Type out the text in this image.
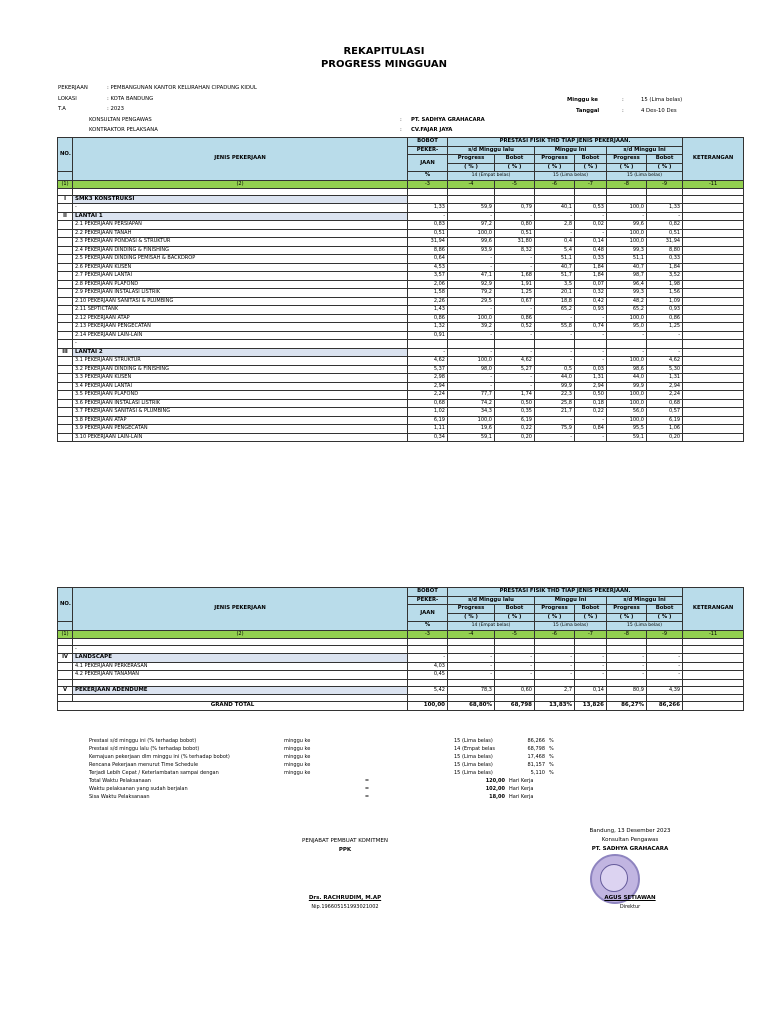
REKAPITULASI
PROGRESS MINGGUAN
PEKERJAAN	: PEMBANGUNAN KANTOR KELURAHAN CIPADUNG KIDUL
LOKASI	: KOTA BANDUNG
T.A	: 2023
KONSULTAN PENGAWAS	: PT. SADHYA GRAHACARA
KONTRAKTOR PELAKSANA	: CV.FAJAR JAYA
Minggu ke	:	15 (Lima belas)
Tanggal	:	4 Des-10 Des
NO.	JENIS PEKERJAAN	BOBOT	PRESTASI FISIK THD TIAP JENIS PEKERJAAN.						KETERANGAN
		PEKER-	s/d Minggu lalu		Minggu Ini		s/d Minggu Ini		
		JAAN	Progress	Bobot	Progress	Bobot	Progress	Bobot	
			( % )	( % )	( % )	( % )	( % )	( % )	
		%	14 (Empat belas)		15 (Lima belas)		15 (Lima belas)		
(1)	(2)	-3	-4	-5	-6	-7	-8	-9	-11

I	SMK3 KONSTRUKSI								
	-	1,33	59,9	0,79	40,1	0,53	100,0	1,33	
II	LANTAI 1	-	-	-	-	-	-	-	
	2.1 PEKERJAAN PERSIAPAN	0,83	97,2	0,80	2,8	0,02	99,6	0,82	
	2.2 PEKERJAAN TANAH	0,51	100,0	0,51	-	-	100,0	0,51	
	2.3 PEKERJAAN PONDASI & STRUKTUR	31,94	99,6	31,80	0,4	0,14	100,0	31,94	
	2.4 PEKERJAAN DINDING & FINISHING	8,86	93,9	8,32	5,4	0,48	99,3	8,80	
	2.5 PEKERJAAN DINDING PEMISAH & BACKDROP	0,64	-	-	51,1	0,33	51,1	0,33	
	2.6 PEKERJAAN KUSEN	4,53	-	-	40,7	1,84	40,7	1,84	
	2.7 PEKERJAAN LANTAI	3,57	47,1	1,68	51,7	1,84	98,7	3,52	
	2.8 PEKERJAAN PLAFOND	2,06	92,9	1,91	3,5	0,07	96,4	1,98	
	2.9 PEKERJAAN INSTALASI LISTRIK	1,58	79,2	1,25	20,1	0,32	99,3	1,56	
	2.10 PEKERJAAN SANITASI & PLUMBING	2,26	29,5	0,67	18,8	0,42	48,2	1,09	
	2.11 SEPTICTANK	1,43	-	-	65,2	0,93	65,2	0,93	
	2.12 PEKERJAAN ATAP	0,86	100,0	0,86	-	-	100,0	0,86	
	2.13 PEKERJAAN PENGECATAN	1,32	39,2	0,52	55,8	0,74	95,0	1,25	
	2.14 PEKERJAAN LAIN-LAIN	0,91	-	-	-	-	-	-	
	-								
III	LANTAI 2	-	-	-	-	-	-	-	
	3.1 PEKERJAAN STRUKTUR	4,62	100,0	4,62	-	-	100,0	4,62	
	3.2 PEKERJAAN DINDING & FINISHING	5,37	98,0	5,27	0,5	0,03	98,6	5,30	
	3.3 PEKERJAAN KUSEN	2,98	-	-	44,0	1,31	44,0	1,31	
	3.4 PEKERJAAN LANTAI	2,94	-	-	99,9	2,94	99,9	2,94	
	3.5 PEKERJAAN PLAFOND	2,24	77,7	1,74	22,3	0,50	100,0	2,24	
	3.6 PEKERJAAN INSTALASI LISTRIK	0,68	74,2	0,50	25,8	0,18	100,0	0,68	
	3.7 PEKERJAAN SANITASI & PLUMBING	1,02	34,3	0,35	21,7	0,22	56,0	0,57	
	3.8 PEKERJAAN ATAP	6,19	100,0	6,19	-	-	100,0	6,19	
	3.9 PEKERJAAN PENGECATAN	1,11	19,6	0,22	75,9	0,84	95,5	1,06	
	3.10 PEKERJAAN LAIN-LAIN	0,34	59,1	0,20	-	-	59,1	0,20	
NO.	JENIS PEKERJAAN	BOBOT	PRESTASI FISIK THD TIAP JENIS PEKERJAAN.						KETERANGAN
		PEKER-	s/d Minggu lalu		Minggu Ini		s/d Minggu Ini		
		JAAN	Progress	Bobot	Progress	Bobot	Progress	Bobot	
			( % )	( % )	( % )	( % )	( % )	( % )	
		%	14 (Empat belas)		15 (Lima belas)		15 (Lima belas)		
(1)	(2)	-3	-4	-5	-6	-7	-8	-9	-11

	-								
IV	LANDSCAPE	-	-	-	-	-	-	-	
	4.1 PEKERJAAN PERKERASAN	4,03	-	-	-	-	-	-	
	4.2 PEKERJAAN TANAMAN	0,45	-	-	-	-	-	-	

V	PEKERJAAN ADENDUME	5,42	78,3	0,60	2,7	0,14	80,9	4,39	

GRAND TOTAL		100,00	68,80%	68,798	13,83%	13,826	86,27%	86,266	
	Prestasi s/d minggu ini (% terhadap bobot)	minggu ke	15 (Lima belas)	86,266	%
	Prestasi s/d minggu lalu (% terhadap bobot)	minggu ke	14 (Empat belas	68,798	%
	Kemajuan pekerjaan dlm minggu ini (% terhadap bobot)	minggu ke	15 (Lima belas)	17,468	%
	Rencana Pekerjaan menurut Time Schedule	minggu ke	15 (Lima belas)	81,157	%
	Terjadi Lebih Cepat / Keterlambatan sampai dengan	minggu ke	15 (Lima belas)	5,110	%
	Total Waktu Pelaksanaan	=	120,00	Hari Kerja	
	Waktu pelaksanan yang sudah berjalan	=	102,00	Hari Kerja	
	Sisa Waktu Pelaksanaan	=	18,00	Hari Kerja	
PENJABAT PEMBUAT KOMITMEN
PPK
Drs. RACHRUDIM, M.AP
Nip.196605151993021002
Bandung, 13 Desember 2023
Konsultan Pengawas
PT. SADHYA GRAHACARA
AGUS SETIAWAN
Direktur
